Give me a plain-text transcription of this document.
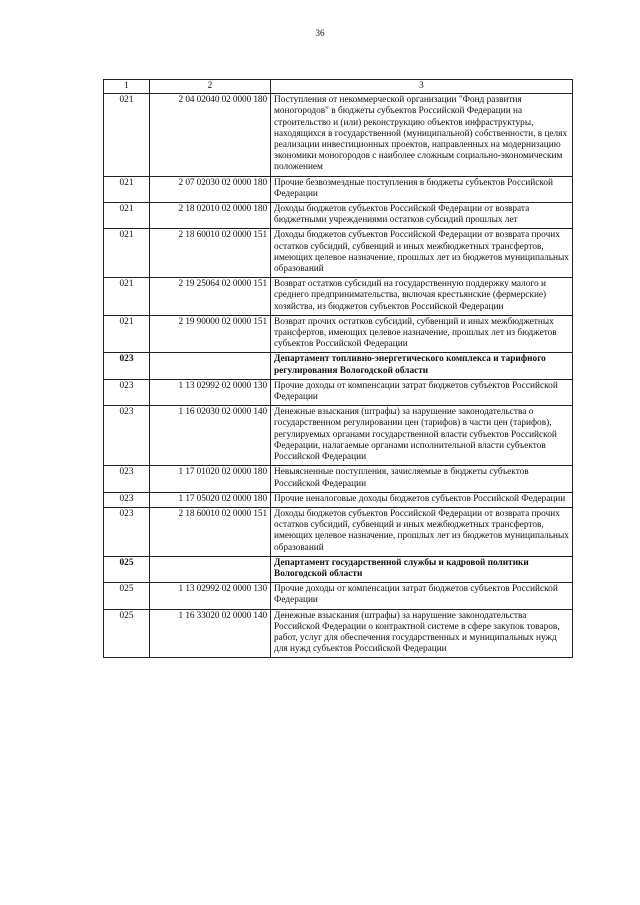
36
1	2	3
021	2 04 02040 02 0000 180	Поступления от некоммерческой организации "Фонд развития моногородов" в бюджеты субъектов Российской Федерации на строительство и (или) реконструкцию объектов инфраструктуры, находящихся в государственной (муниципальной) собственности, в целях реализации инвестиционных проектов, направленных на модернизацию экономики моногородов с наиболее сложным социально-экономическим положением
021	2 07 02030 02 0000 180	Прочие безвозмездные поступления в бюджеты субъектов Российской Федерации
021	2 18 02010 02 0000 180	Доходы бюджетов субъектов Российской Федерации от возврата бюджетными учреждениями остатков субсидий прошлых лет
021	2 18 60010 02 0000 151	Доходы бюджетов субъектов Российской Федерации от возврата прочих остатков субсидий, субвенций и иных межбюджетных трансфертов, имеющих целевое назначение, прошлых лет из бюджетов муниципальных образований
021	2 19 25064 02 0000 151	Возврат остатков субсидий на государственную поддержку малого и среднего предпринимательства, включая крестьянские (фермерские) хозяйства, из бюджетов субъектов Российской Федерации
021	2 19 90000 02 0000 151	Возврат прочих остатков субсидий, субвенций и иных межбюджетных трансфертов, имеющих целевое назначение, прошлых лет из бюджетов субъектов Российской Федерации
023		Департамент топливно-энергетического комплекса и тарифного регулирования Вологодской области
023	1 13 02992 02 0000 130	Прочие доходы от компенсации затрат бюджетов субъектов Российской Федерации
023	1 16 02030 02 0000 140	Денежные взыскания (штрафы) за нарушение законодательства о государственном регулировании цен (тарифов) в части цен (тарифов), регулируемых органами государственной власти субъектов Российской Федерации, налагаемые органами исполнительной власти субъектов Российской Федерации
023	1 17 01020 02 0000 180	Невыясненные поступления, зачисляемые в бюджеты субъектов Российской Федерации
023	1 17 05020 02 0000 180	Прочие неналоговые доходы бюджетов субъектов Российской Федерации
023	2 18 60010 02 0000 151	Доходы бюджетов субъектов Российской Федерации от возврата прочих остатков субсидий, субвенций и иных межбюджетных трансфертов, имеющих целевое назначение, прошлых лет из бюджетов муниципальных образований
025		Департамент государственной службы и кадровой политики Вологодской области
025	1 13 02992 02 0000 130	Прочие доходы от компенсации затрат бюджетов субъектов Российской Федерации
025	1 16 33020 02 0000 140	Денежные взыскания (штрафы) за нарушение законодательства Российской Федерации о контрактной системе в сфере закупок товаров, работ, услуг для обеспечения государственных и муниципальных нужд для нужд субъектов Российской Федерации
